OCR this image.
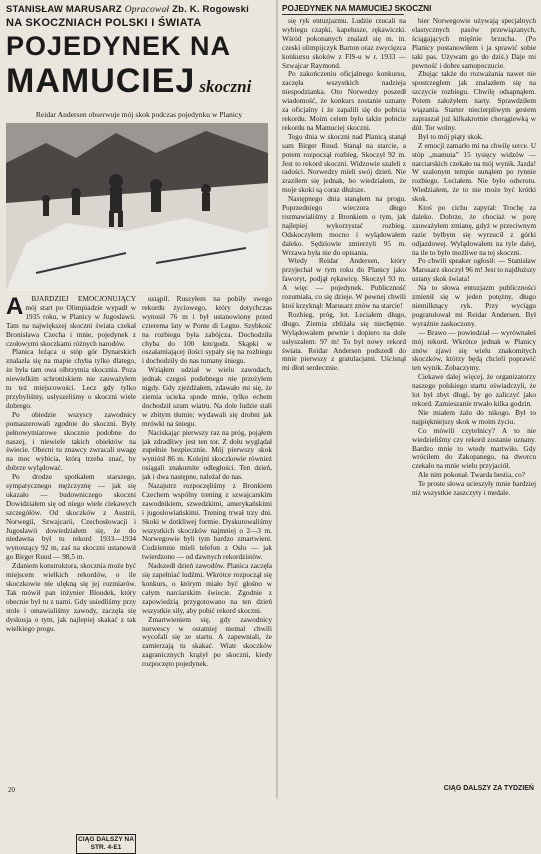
STANISŁAW MARUSARZ Opracował Zb. K. Rogowski
NA SKOCZNIACH POLSKI I ŚWIATA
POJEDYNEK NA
MAMUCIEJ skoczni
Reidar Andersen obserwuje mój skok podczas pojedynku w Planicy
A	BJARDZIEJ EMOCJONUJĄCY mój start po Olimpiadzie wypadł w 1935 roku, w Planicy w Jugosławii. Tam na największej skoczni świata czekał Bronisława Czecha i mnie, pojedynek z czołowymi skoczkami różnych narodów.

Planica leżąca u stóp gór Dynarskich znalazła się na mapie chyba tylko dlatego, że była tam owa olbrzymia skocznia. Poza niewielkim schroniskiem nie zauważyłem tu też miejscowości. Lecz gdy tylko przybyliśmy, usłyszeliśmy o skoczni wiele dobrego.

Po obiedzie wszyscy zawodnicy pomaszerowali zgodnie do skoczni. Były pełnowymiarowe skocznie podobne do naszej, i niewiele takich obiektów na świecie. Obecni tu znawcy zwracali uwagę na moc wybicia, którą trzeba znać, by dobrze wylądować.

Po drodze spotkałem starszego, sympatycznego mężczyznę — jak się okazało — budowniczego skoczni Dowidziałem się od niego wiele ciekawych szczegółów. Od skoczków z Austrii, Norwegii, Szwajcarii, Czechosłowacji i Jugosławii dowiedziałem się, że do niedawna był tu rekord 1933—1934 wynoszący 92 m, zaś na skoczni ustanowił go Birger Ruud — 98,5 m.

Zdaniem konstruktora, skocznia może być miejscem wielkich rekordów, o ile skoczkowie nie ulękną się jej rozmiarów. Tak mówił pan inżynier Bloudek, który obecnie był tu z nami. Gdy usiedliśmy przy stole i omawialiśmy zawody, zaczęła się dyskusja o tym, jak najlepiej skakać z tak wielkiego progu.

ustąpił. Ruszyłem na pobiły swego rekordu życiowego, który dotychczas wynosił 76 m i był ustanowiony przed czterema laty w Ponte di Legno. Szybkość na rozbiegu była zabójcza. Dochodziła chyba do 100 km/godz. Skąpki w oszałamiającej ilości sypały się na rozbiegu i dochodziły do nas tumany śniegu.

Wziąłem udział w wielu zawodach, jednak czegoś podobnego nie przeżyłem nigdy. Gdy zjeżdżałem, zdawało mi się, że ziemia ucieka spode mnie, tylko echem dochodził szum wiatru. Na dole ludzie stali w zbitym tłumie; wydawali się drobni jak mrówki na śniegu.

Naciskając pierwszy raz na próg, pojąłem jak zdradliwy jest ten tor. Z dołu wyglądał zupełnie bezpiecznie. Mój pierwszy skok wyniósł 86 m. Kolejni skoczkowie również osiągali znakomite odległości. Ten dzień, jak i dwa następne, należał do nas.

Nazajutrz rozpoczęliśmy z Bronkiem Czechem wspólny trening z szwajcarskim zawodnikiem, szwedzkimi, amerykańskimi i jugosłowiańskimi. Trening trwał trzy dni. Skoki w dotkliwej formie. Dyskutowaliśmy wszystkich skoczków najmniej o 2—3 m. Norwegowie byli tym bardzo zmartwieni. Codziennie mieli telefon z Oslo — jak twierdzono — od dawnych rekordzistów.

Nadszedł dzień zawodów. Planica zaczęła się zapełniać ludźmi. Wkrótce rozpoczął się konkurs, o którym miało być głośno w całym narciarskim świecie. Zgodnie z zapowiedzią przygotowano na ten dzień wszystkie siły, aby pobić rekord skoczni.

Zmartwieniem się, gdy zawodnicy norwescy w ostatniej niemal chwili wycofali się ze startu. A zapewniali, że zamierzają tu skakać. Wiatr skoczków zagranicznych krążył po skoczni, kiedy rozpoczęto pojedynek.

CIĄG DALSZY NA STR. 4-E1
20
POJEDYNEK NA MAMUCIEJ SKOCZNI

się ryk entuzjazmu. Ludzie rzucali na wybiegu czapki, kapelusze, rękawiczki. Wśród pokonanych znalazł się m. in. czeski olimpijczyk Barton oraz zwycięzca konkursu skoków z FIS-u w r. 1933 — Szwajcar Raymond.

Po zakończeniu oficjalnego konkursu, zaczęła wszystkich nadzieja niespodzianka. Oto Norwedzy poszedł wiadomość, że konkurs zostanie uznany za oficjalny i że zapalili się do pobicia rekordu. Moim celem było także pobicie rekordu na Mamuciej skoczni.

Tego dnia w skoczni nad Planicą stanął sam Birger Ruud. Stanął na starcie, a potem rozpoczął rozbieg. Skoczył 92 m. Jest to rekord skoczni. Widzowie szaleli z radości. Norwedzy mieli swój dzień. Nie zraziłem się jednak, bo wiedziałem, że moje skoki są coraz dłuższe.

Następnego dnia stanąłem na progu. Poprzedniego wieczora długo rozmawialiśmy z Bronkiem o tym, jak najlepiej wykorzystać rozbieg. Odskoczyłem mocno i wylądowałem daleko. Sędziowie zmierzyli 95 m. Wrzawa była nie do opisania.

Wtedy Reidar Andersen, który przyjechał w tym roku do Planicy jako faworyt, podjął rękawicę. Skoczył 93 m. A więc — pojedynek. Publiczność rozumiała, co się dzieje. W pewnej chwili ktoś krzyknął: Marusarz znów na starcie!

Rozbieg, próg, lot. Leciałem długo, długo. Ziemia zbliżała się niechętnie. Wylądowałem pewnie i dopiero na dole usłyszałem: 97 m! To był nowy rekord świata. Reidar Andersen podszedł do mnie pierwszy z gratulacjami. Uścisnął mi dłoń serdecznie.

bier Norwegowie używają specjalnych elastycznych pasów przewiązanych, ściągających mięśnie brzucha. (Po Planicy postanowiłem i ja sprawić sobie taki pas. Używam go do dziś.) Daje mi pewność i dobre samopoczucie.

Zbując także do rozważania nawet nie spostrzegłem jak znalazłem się na szczycie rozbiegu. Chwilę odsapnąłem. Potem założyłem narty. Sprawdziłem wiązania. Starter niecierpliwym gestem zapraszał już kilkakrotnie chorągiewką w dół. Tor wolny.

Był to mój piąty skok.

Z emocji zamarło mi na chwilę serce. U stóp „mamuta” 15 tysięcy widzów — narciarskich czekało na mój wynik. Jazda! W szalonym tempie sunąłem po rynnie rozbiegu. Leciałem. Nie było odwrotu. Wiedziałem, że to nie może być krótki skok.

Ktoś po cichu zapytał: Trochę za daleko. Dobrze, że chociaż w porę zauważyłem zmianę, gdyż w przeciwnym razie byłbym się wyrzucił z górki odjazdowej. Wylądowałem na tyle dalej, na ile to było możliwe na tej skoczni.

Po chwili speaker ogłosił: — Stanisław Marusarz skoczył 96 m! Jest to najdłuższy ustany skok świata!

Na to słowa entuzjazm publiczności zmienił się w jeden potężny, długo niemilknący ryk. Przy wyciągu pogratulował mi Reidar Andersen. Był wyraźnie zaskoczony.

— Brawo — powiedział — wyrównałeś mój rekord. Wkrótce jednak w Planicy znów zjawi się wielu znakomitych skoczków, którzy będą chcieli poprawić ten wynik. Zobaczymy.

Ciekawe dalej więcej, że organizatorzy naszego polskiego startu oświadczyli, że lot był zbyt długi, by go zaliczyć jako rekord. Zamieszanie trwało kilka godzin.

Nie miałem żalu do nikogo. Był to najpiękniejszy skok w moim życiu.

Co mówili czytelnicy? A to nie wiedzieliśmy czy rekord zostanie uznany. Bardzo mnie to wtedy martwiło. Gdy wróciłem do Zakopanego, na dworcu czekało na mnie wielu przyjaciół.

Ale nim pokonał. Twarda bestia, co?

Te proste słowa ucieszyły mnie bardziej niż wszystkie zaszczyty i medale.

CIĄG DALSZY ZA TYDZIEŃ
